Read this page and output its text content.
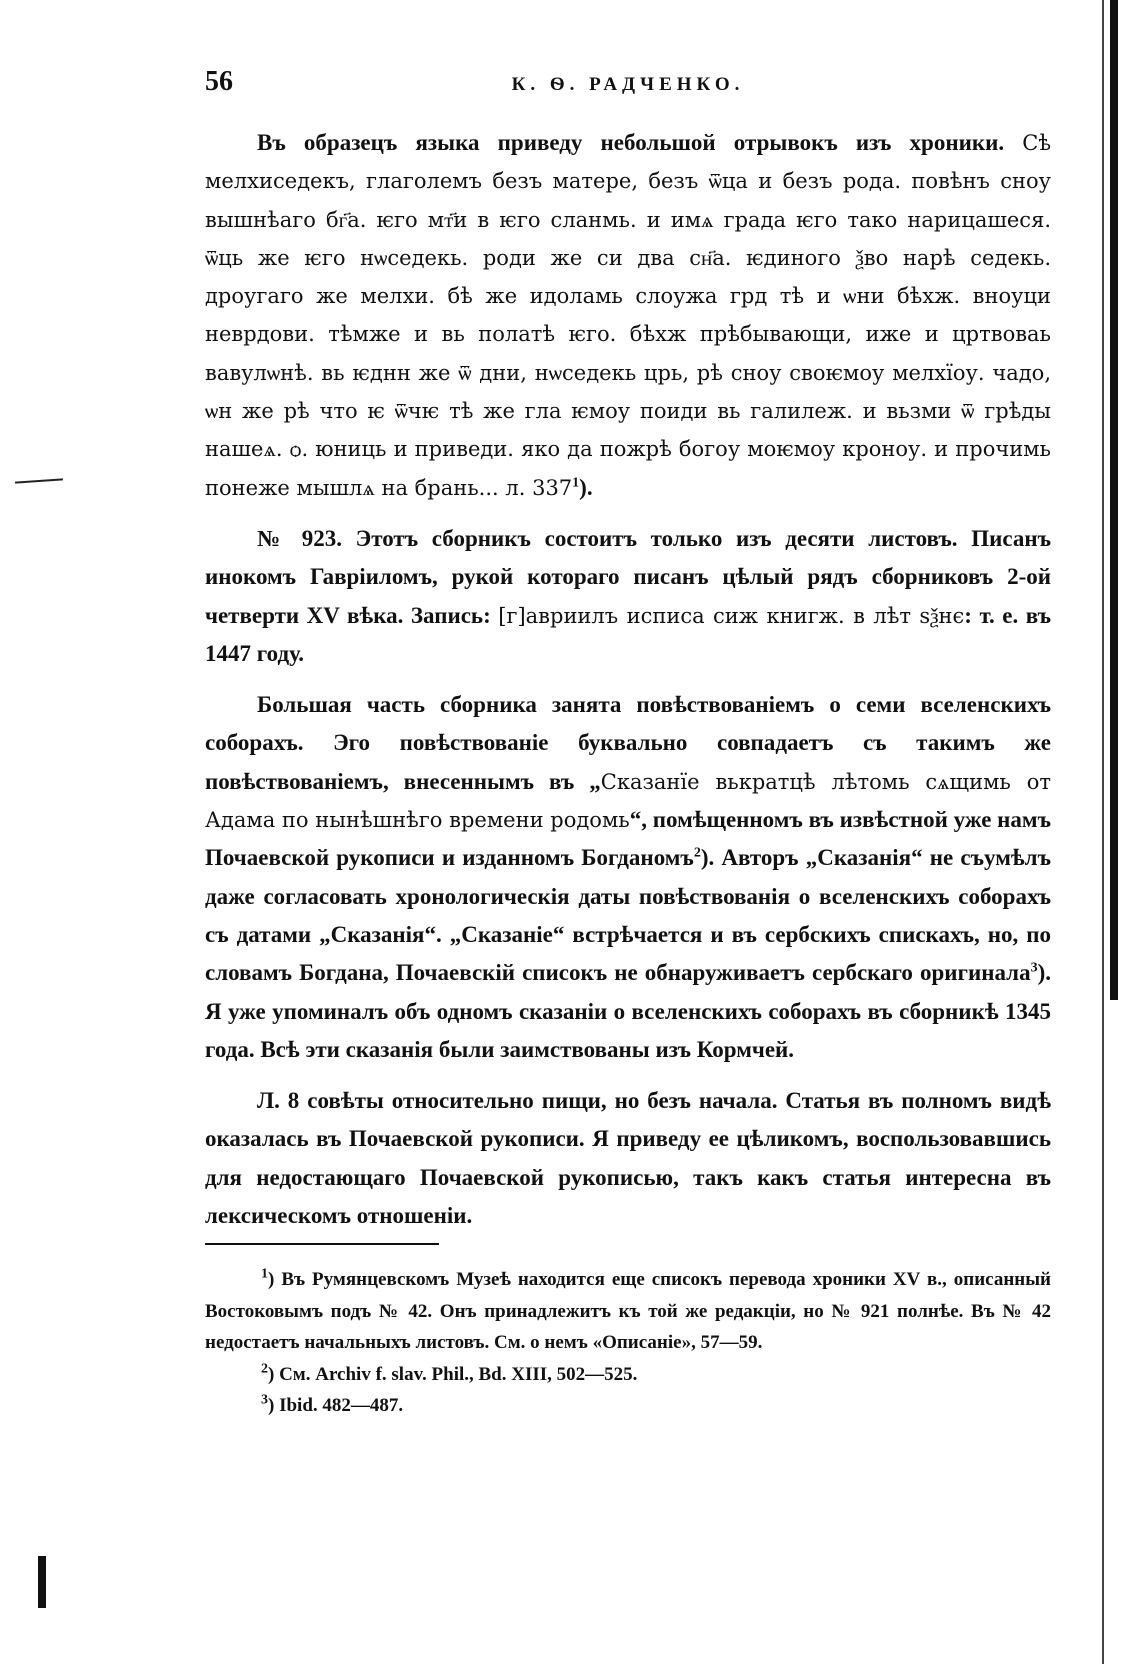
56	К. Ѳ. РАДЧЕНКО.

Въ образецъ языка приведу небольшой отрывокъ изъ хроники. Сѣ мелхиседекъ, глаголемъ безъ матере, безъ ѿца и безъ рода. повѣнъ сноу вышнѣаго бг҃а. ѥго мт҃и в ѥго сланмь. и имѧ града ѥго тако нарицашеся. ѿць же ѥго нѡседекь. роди же си два сн҃а. ѥдиного ѯво нарѣ седекь. дроугаго же мелхи. бѣ же идоламь слоужа грд тѣ и ѡни бѣхж. вноуци неврдови. тѣмже и вь полатѣ ѥго. бѣхж прѣбывающи, иже и цртвоваь вавулѡнѣ. вь ѥднн же ѿ дни, нѡседекь црь, рѣ сноу своѥмоу мелхїоу. чадо, ѡн же рѣ что ѥ ѿчѥ тѣ же гла ѥмоу поиди вь галилеж. и вьзми ѿ грѣды нашеѧ. ѻ. юниць и приведи. яко да пожрѣ богоу моѥмоу кроноу. и прочимь понеже мышлѧ на брань... л. $337^1$).

№ 923. Этотъ сборникъ состоитъ только изъ десяти листовъ. Писанъ инокомъ Гавріиломъ, рукой котораго писанъ цѣлый рядъ сборниковъ 2-ой четверти XV вѣка. Запись: [г]авриилъ исписа сиж книгж. в лѣт ѕѯнє: т. е. въ 1447 году.

Большая часть сборника занята повѣствованіемъ о семи вселенскихъ соборахъ. Эго повѣствованіе буквально совпадаетъ съ такимъ же повѣствованіемъ, внесеннымъ въ „Сказанїе вькратцѣ лѣтомь сѧщимь от Адама по нынѣшнѣго времени родомь“, помѣщенномъ въ извѣстной уже намъ Почаевской рукописи и изданномъ Богданомъ$^2$). Авторъ „Сказанія“ не съумѣлъ даже согласовать хронологическія даты повѣствованія о вселенскихъ соборахъ съ датами „Сказанія“. „Сказаніе“ встрѣчается и въ сербскихъ спискахъ, но, по словамъ Богдана, Почаевскій списокъ не обнаруживаетъ сербскаго оригинала$^3$). Я уже упоминалъ объ одномъ сказаніи о вселенскихъ соборахъ въ сборникѣ 1345 года. Всѣ эти сказанія были заимствованы изъ Кормчей.

Л. 8 совѣты относительно пищи, но безъ начала. Статья въ полномъ видѣ оказалась въ Почаевской рукописи. Я приведу ее цѣликомъ, воспользовавшись для недостающаго Почаевской рукописью, такъ какъ статья интересна въ лексическомъ отношеніи.

$^1$) Въ Румянцевскомъ Музеѣ находится еще списокъ перевода хроники XV в., описанный Востоковымъ подъ № 42. Онъ принадлежитъ къ той же редакціи, но № 921 полнѣе. Въ № 42 недостаетъ начальныхъ листовъ. См. о немъ «Описаніе», 57—59.

$^2$) См. Archiv f. slav. Phil., Bd. XIII, 502—525.

$^3$) Ibid. 482—487.
